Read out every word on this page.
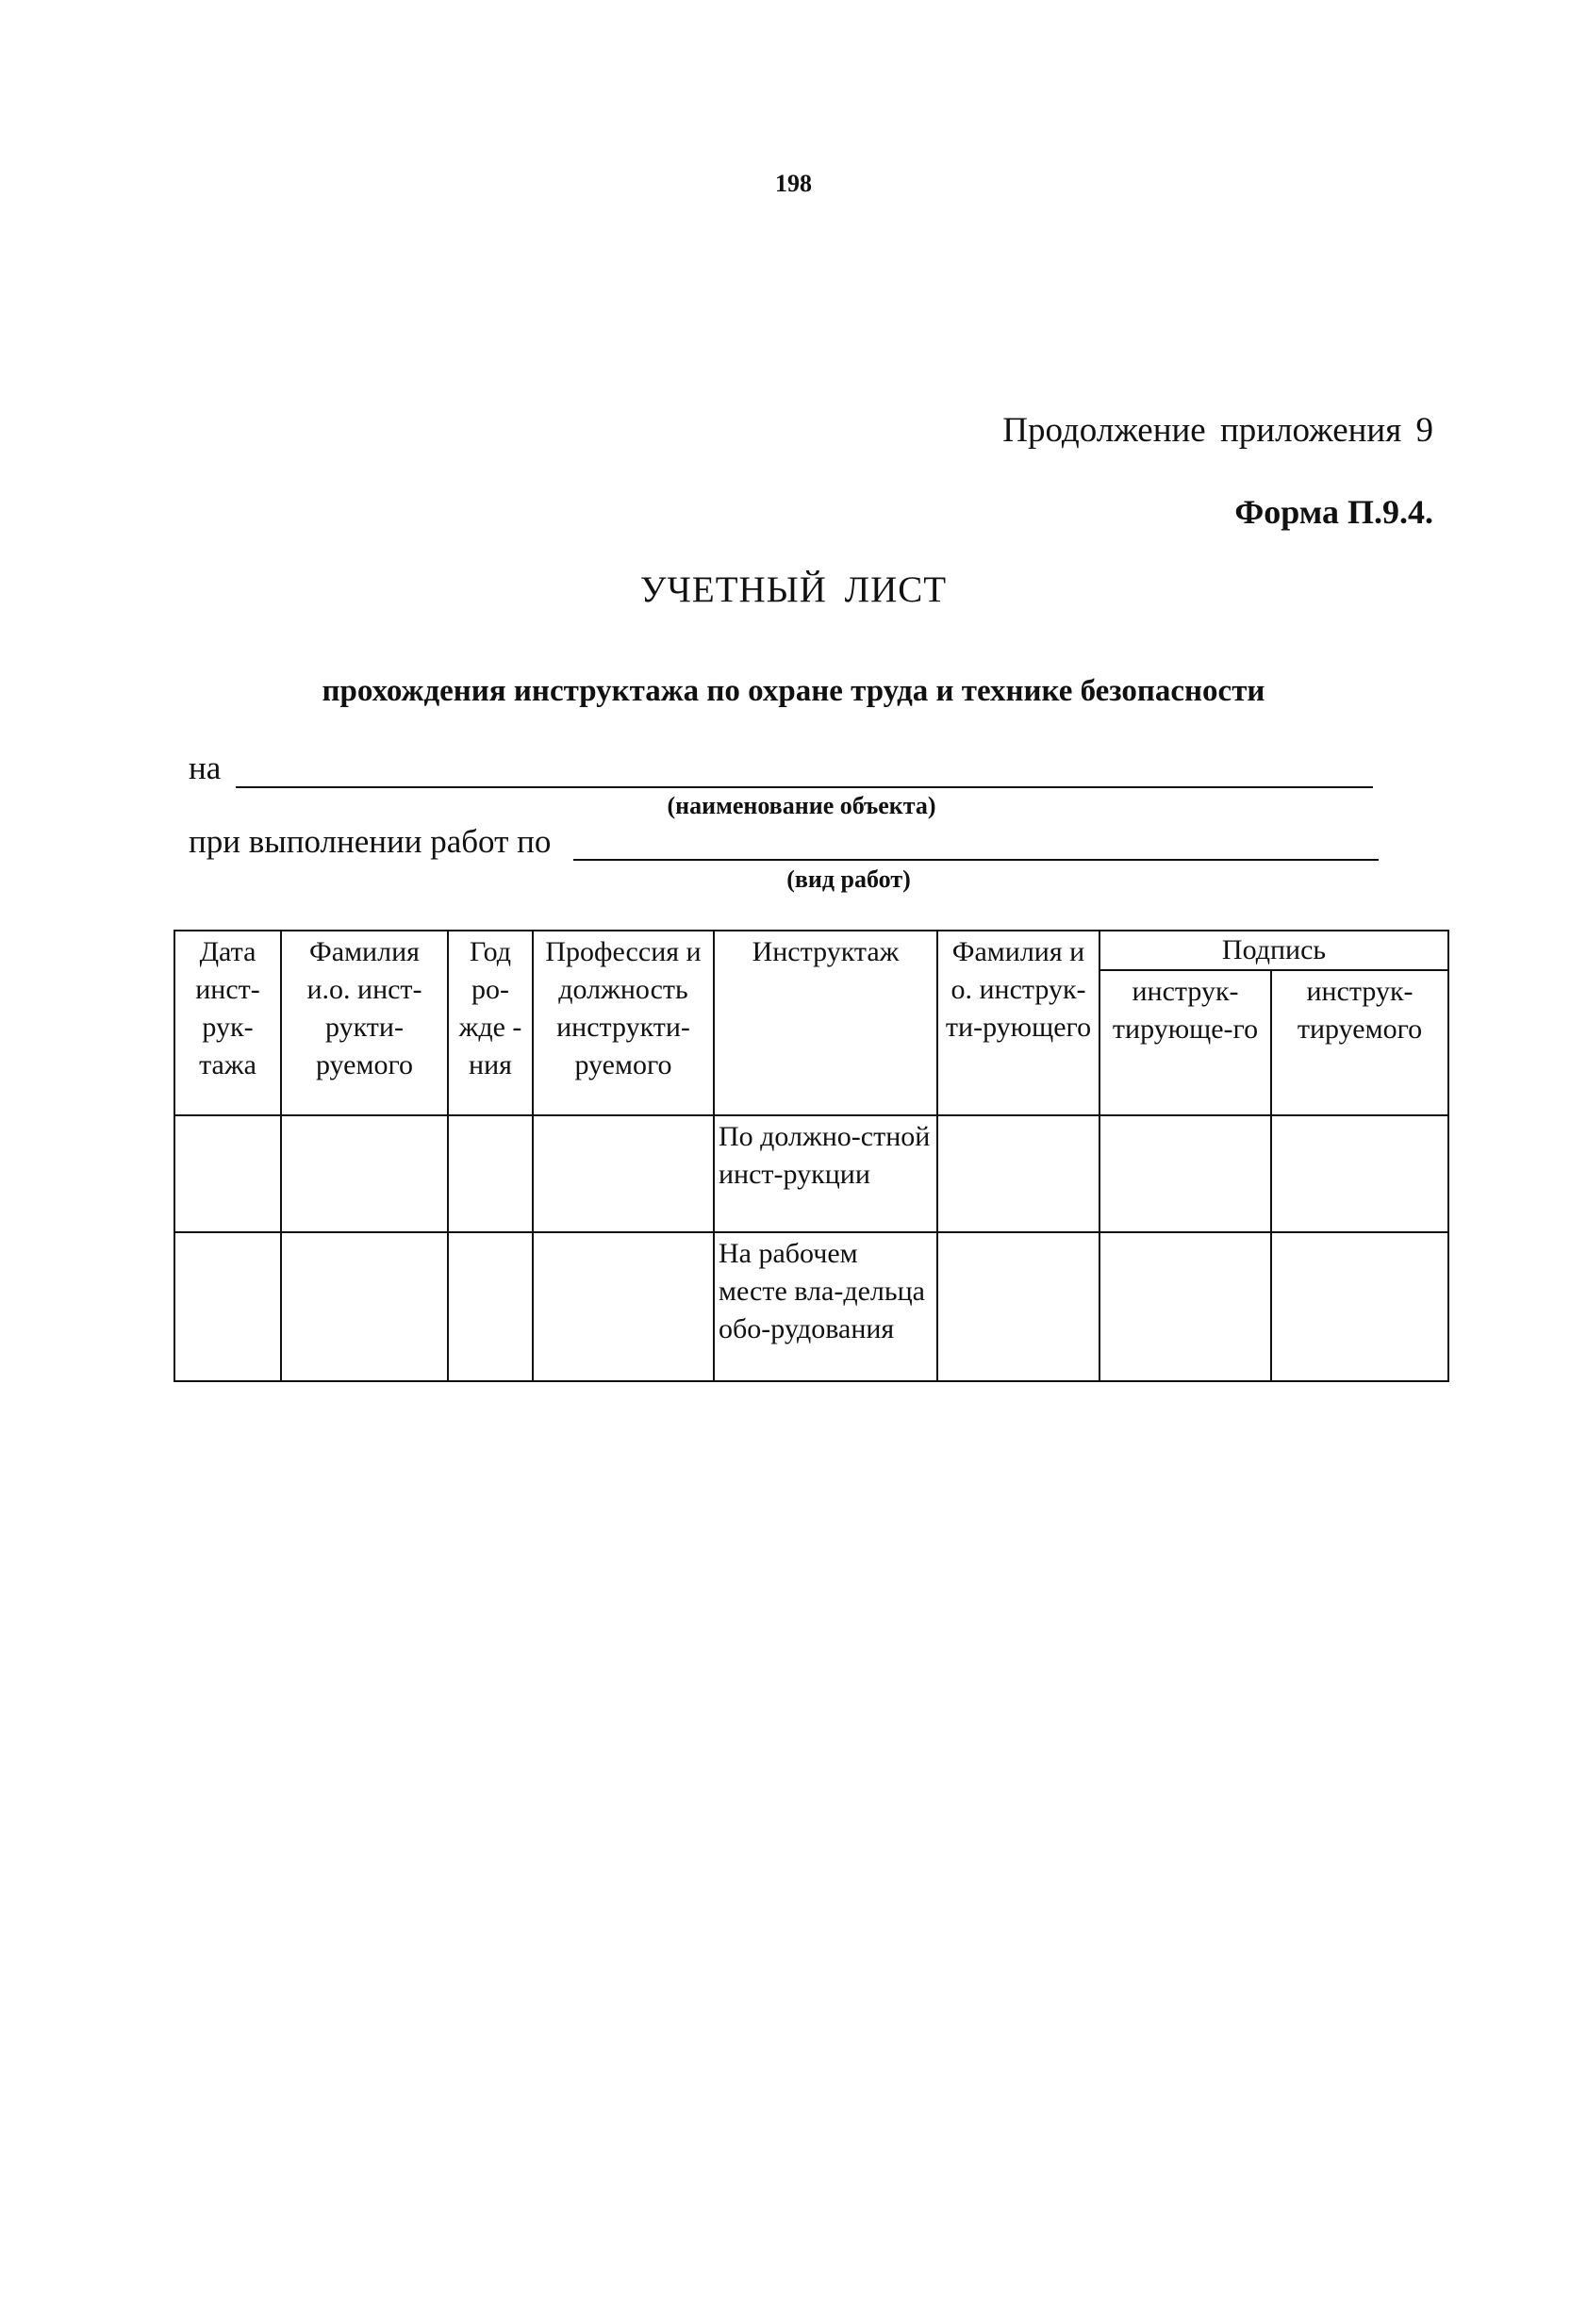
198
Продолжение приложения 9
Форма П.9.4.
УЧЕТНЫЙ ЛИСТ
прохождения инструктажа по охране труда и технике безопасности
на
(наименование объекта)
при выполнении работ по
(вид работ)
Дата инст-рук-тажа	Фамилия и.о. инст-рукти-руемого	Год ро-жде - ния	Профессия и должность инструкти-руемого	Инструктаж	Фамилия и о. инструк-ти-рующего	Подпись	
						инструк-тирующе-го	инструк-тируемого
				По должно-стной инст-рукции			
				На рабочем месте вла-дельца обо-рудования			
